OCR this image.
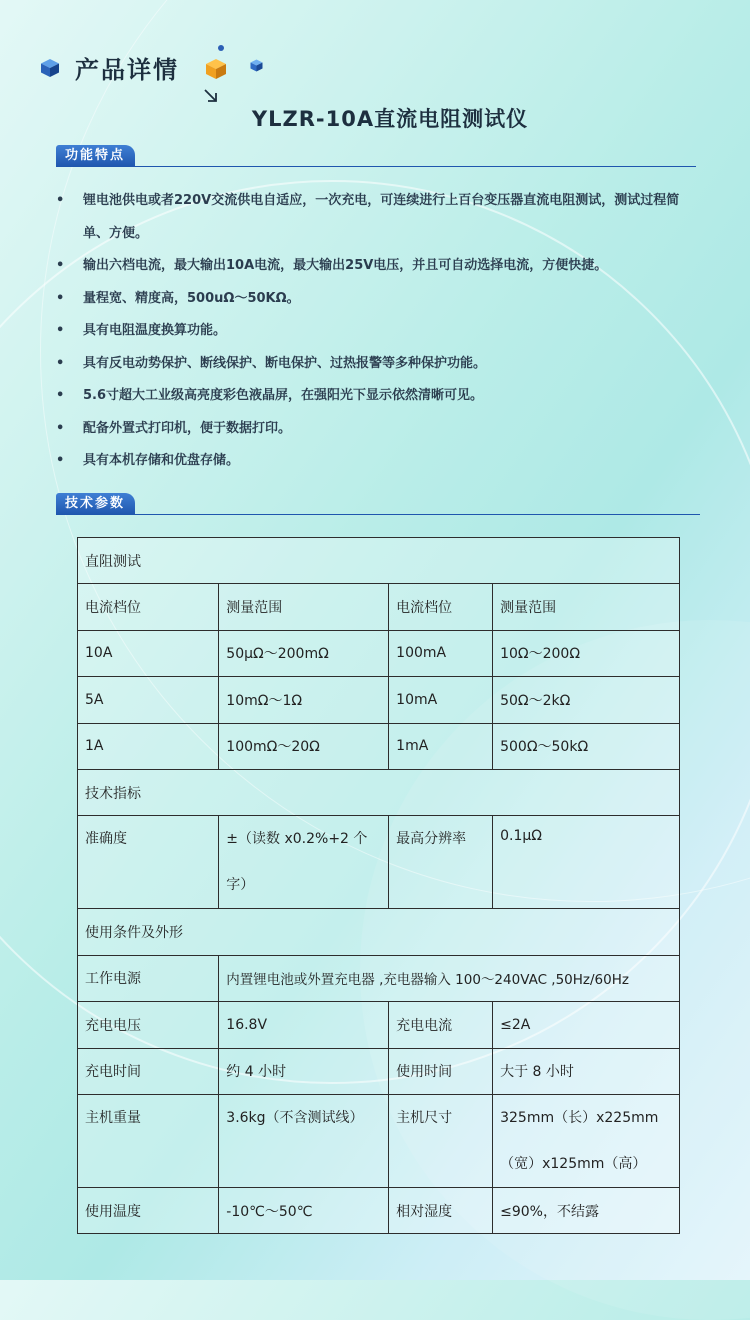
产品详情
YLZR-10A直流电阻测试仪
功能特点
• 锂电池供电或者220V交流供电自适应，一次充电，可连续进行上百台变压器直流电阻测试，测试过程简单、方便。
• 输出六档电流，最大输出10A电流，最大输出25V电压，并且可自动选择电流，方便快捷。
• 量程宽、精度高，500uΩ～50KΩ。
• 具有电阻温度换算功能。
• 具有反电动势保护、断线保护、断电保护、过热报警等多种保护功能。
• 5.6寸超大工业级高亮度彩色液晶屏，在强阳光下显示依然清晰可见。
• 配备外置式打印机，便于数据打印。
• 具有本机存储和优盘存储。
技术参数
直阻测试			
电流档位	测量范围	电流档位	测量范围
10A	50μΩ～200mΩ	100mA	10Ω～200Ω
5A	10mΩ～1Ω	10mA	50Ω～2kΩ
1A	100mΩ～20Ω	1mA	500Ω～50kΩ
技术指标			
准确度	±（读数 x0.2%+2 个字）	最高分辨率	0.1μΩ
使用条件及外形			
工作电源	内置锂电池或外置充电器 ,充电器输入 100～240VAC ,50Hz/60Hz		
充电电压	16.8V	充电电流	≤2A
充电时间	约 4 小时	使用时间	大于 8 小时
主机重量	3.6kg（不含测试线）	主机尺寸	325mm（长）x225mm（宽）x125mm（高）
使用温度	-10℃～50℃	相对湿度	≤90%，不结露
